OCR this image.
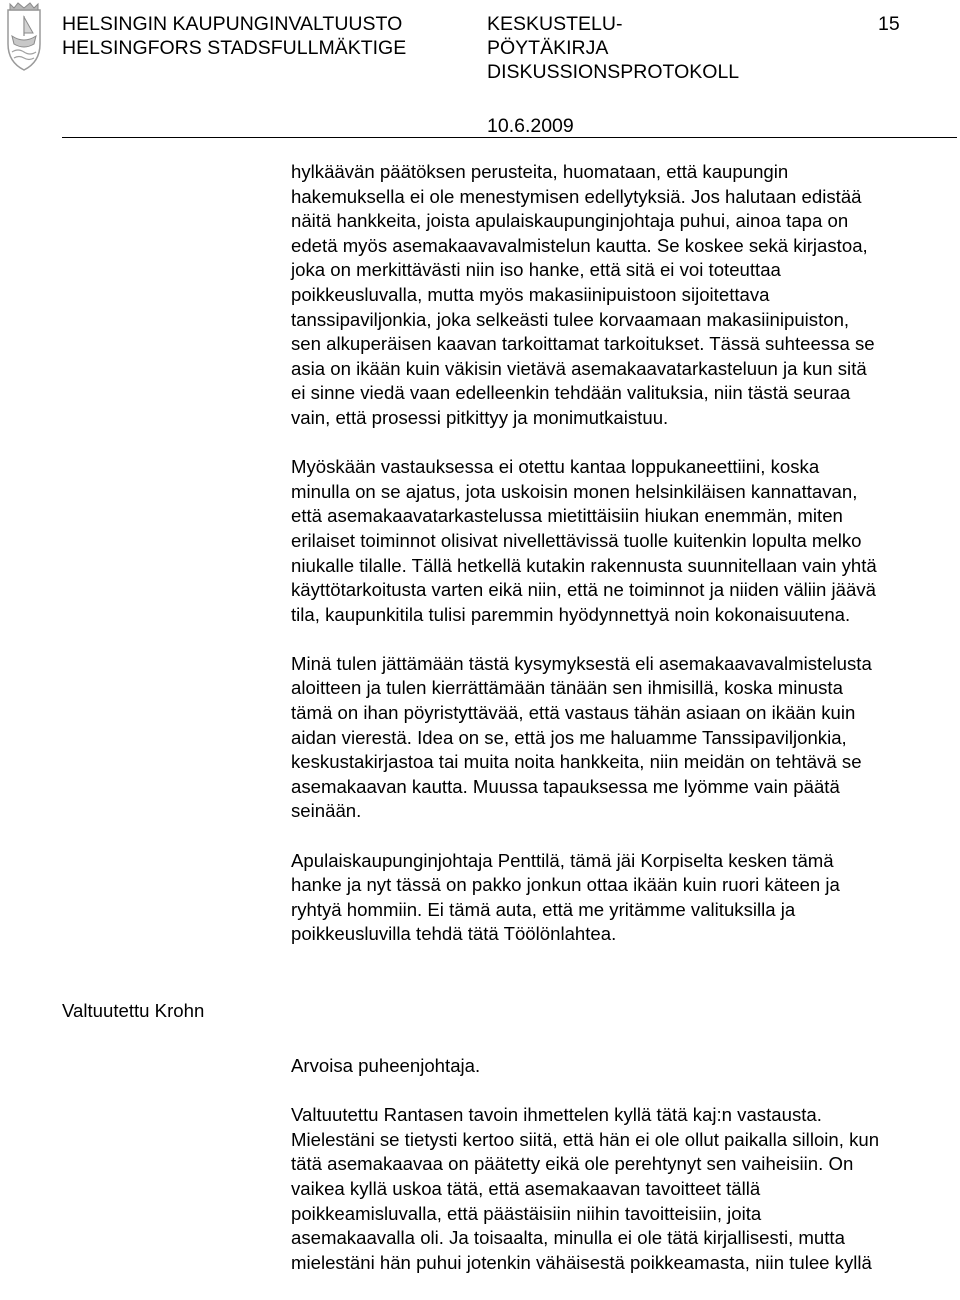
HELSINGIN KAUPUNGINVALTUUSTO
HELSINGFORS STADSFULLMÄKTIGE
KESKUSTELU-
PÖYTÄKIRJA
DISKUSSIONSPROTOKOLL
15
10.6.2009

hylkäävän päätöksen perusteita, huomataan, että kaupungin
hakemuksella ei ole menestymisen edellytyksiä. Jos halutaan edistää
näitä hankkeita, joista apulaiskaupunginjohtaja puhui, ainoa tapa on
edetä myös asemakaavavalmistelun kautta. Se koskee sekä kirjastoa,
joka on merkittävästi niin iso hanke, että sitä ei voi toteuttaa
poikkeusluvalla, mutta myös makasiinipuistoon sijoitettava
tanssipaviljonkia, joka selkeästi tulee korvaamaan makasiinipuiston,
sen alkuperäisen kaavan tarkoittamat tarkoitukset. Tässä suhteessa se
asia on ikään kuin väkisin vietävä asemakaavatarkasteluun ja kun sitä
ei sinne viedä vaan edelleenkin tehdään valituksia, niin tästä seuraa
vain, että prosessi pitkittyy ja monimutkaistuu.

Myöskään vastauksessa ei otettu kantaa loppukaneettiini, koska
minulla on se ajatus, jota uskoisin monen helsinkiläisen kannattavan,
että asemakaavatarkastelussa mietittäisiin hiukan enemmän, miten
erilaiset toiminnot olisivat nivellettävissä tuolle kuitenkin lopulta melko
niukalle tilalle. Tällä hetkellä kutakin rakennusta suunnitellaan vain yhtä
käyttötarkoitusta varten eikä niin, että ne toiminnot ja niiden väliin jäävä
tila, kaupunkitila tulisi paremmin hyödynnettyä noin kokonaisuutena.

Minä tulen jättämään tästä kysymyksestä eli asemakaavavalmistelusta
aloitteen ja tulen kierrättämään tänään sen ihmisillä, koska minusta
tämä on ihan pöyristyttävää, että vastaus tähän asiaan on ikään kuin
aidan vierestä. Idea on se, että jos me haluamme Tanssipaviljonkia,
keskustakirjastoa tai muita noita hankkeita, niin meidän on tehtävä se
asemakaavan kautta. Muussa tapauksessa me lyömme vain päätä
seinään.

Apulaiskaupunginjohtaja Penttilä, tämä jäi Korpiselta kesken tämä
hanke ja nyt tässä on pakko jonkun ottaa ikään kuin ruori käteen ja
ryhtyä hommiin. Ei tämä auta, että me yritämme valituksilla ja
poikkeusluvilla tehdä tätä Töölönlahtea.

Valtuutettu Krohn

Arvoisa puheenjohtaja.

Valtuutettu Rantasen tavoin ihmettelen kyllä tätä kaj:n vastausta.
Mielestäni se tietysti kertoo siitä, että hän ei ole ollut paikalla silloin, kun
tätä asemakaavaa on päätetty eikä ole perehtynyt sen vaiheisiin. On
vaikea kyllä uskoa tätä, että asemakaavan tavoitteet tällä
poikkeamisluvalla, että päästäisiin niihin tavoitteisiin, joita
asemakaavalla oli. Ja toisaalta, minulla ei ole tätä kirjallisesti, mutta
mielestäni hän puhui jotenkin vähäisestä poikkeamasta, niin tulee kyllä
